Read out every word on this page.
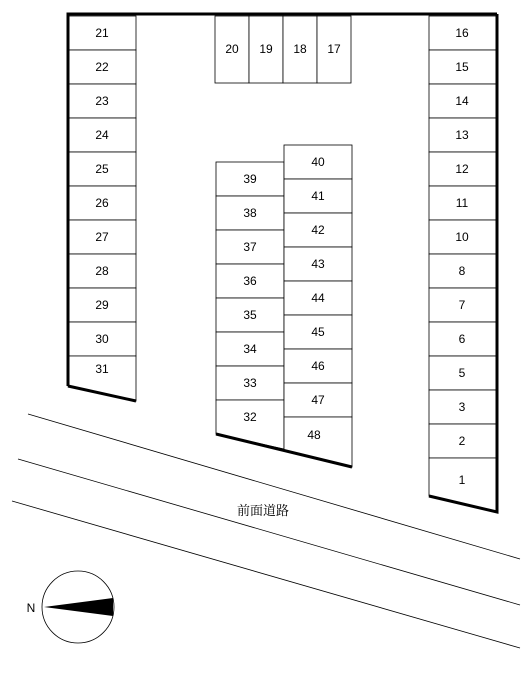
21
22
23
24
25
26
27
28
29
30
31
20 19 18 17
16
15
14
13
12
11
10
8
7
6
5
3
2
1
39
38
37
36
35
34
33
32
40
41
42
43
44
45
46
47
48
前面道路
N
